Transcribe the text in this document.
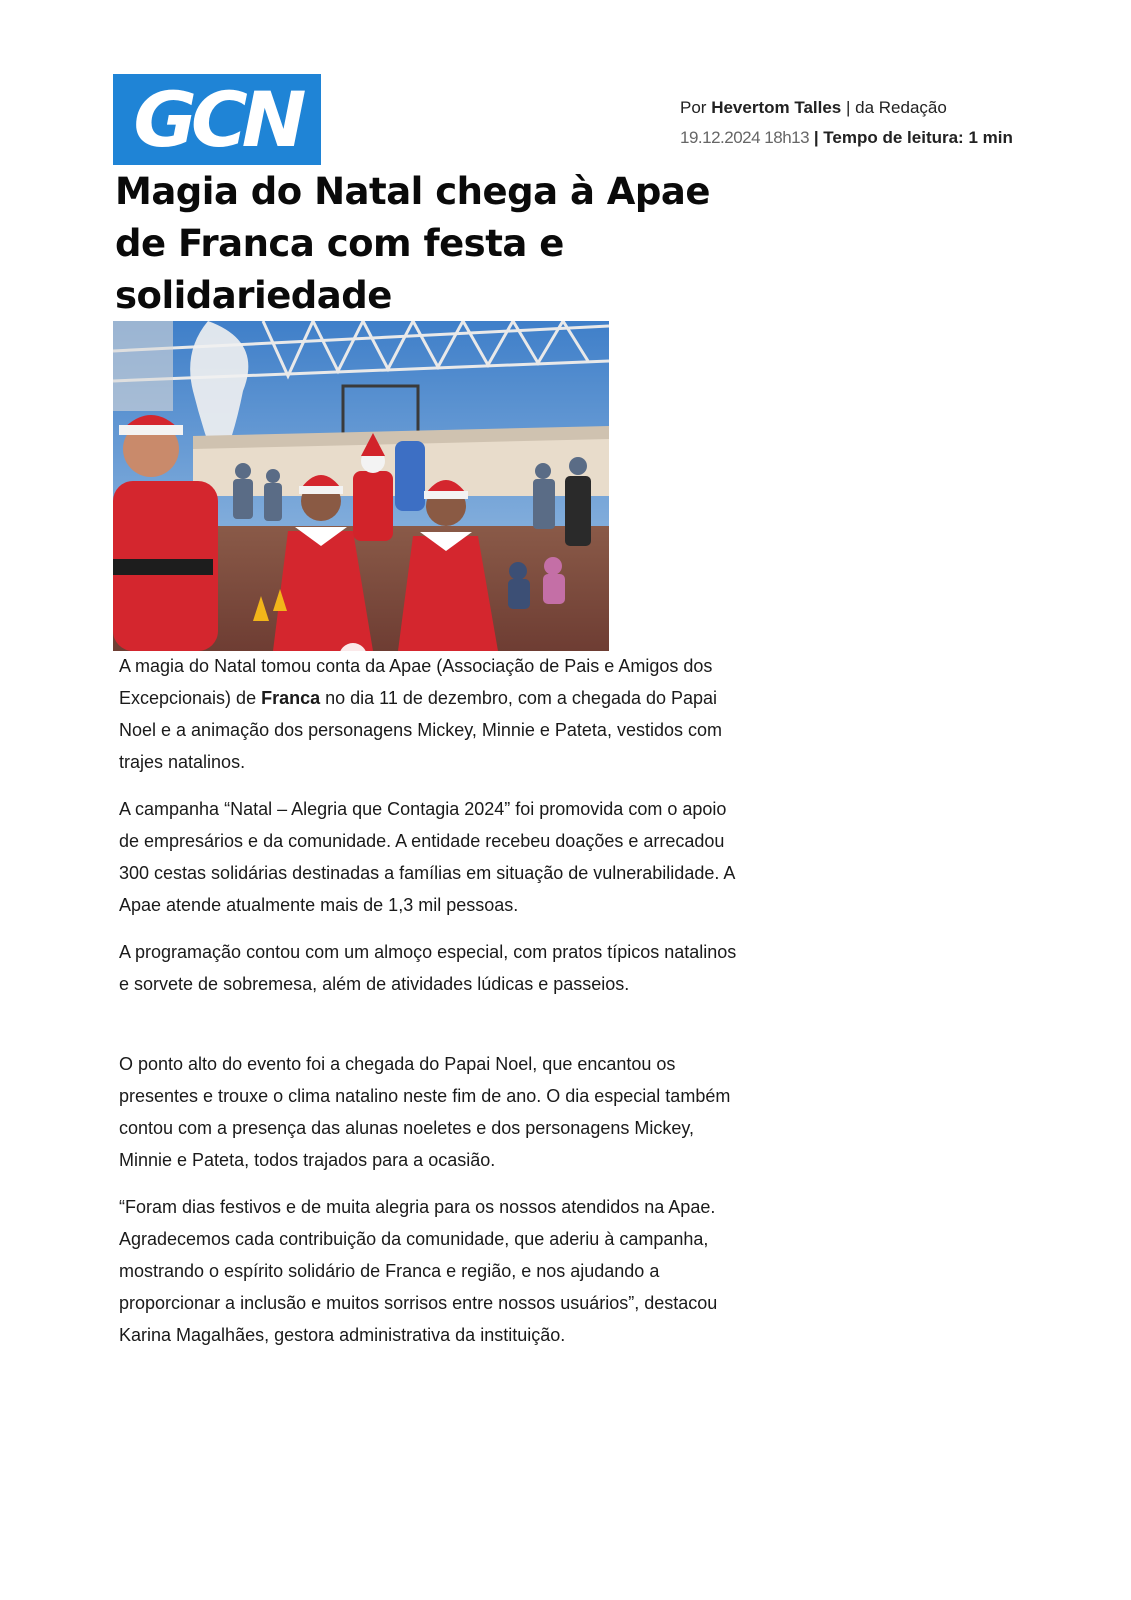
GCN	Por Hevertom Talles | da Redação
19.12.2024 18h13 | Tempo de leitura: 1 min
Magia do Natal chega à Apae de Franca com festa e solidariedade

A magia do Natal tomou conta da Apae (Associação de Pais e Amigos dos Excepcionais) de Franca no dia 11 de dezembro, com a chegada do Papai Noel e a animação dos personagens Mickey, Minnie e Pateta, vestidos com trajes natalinos.

A campanha “Natal – Alegria que Contagia 2024” foi promovida com o apoio de empresários e da comunidade. A entidade recebeu doações e arrecadou 300 cestas solidárias destinadas a famílias em situação de vulnerabilidade. A Apae atende atualmente mais de 1,3 mil pessoas.

A programação contou com um almoço especial, com pratos típicos natalinos e sorvete de sobremesa, além de atividades lúdicas e passeios.

O ponto alto do evento foi a chegada do Papai Noel, que encantou os presentes e trouxe o clima natalino neste fim de ano. O dia especial também contou com a presença das alunas noeletes e dos personagens Mickey, Minnie e Pateta, todos trajados para a ocasião.

“Foram dias festivos e de muita alegria para os nossos atendidos na Apae. Agradecemos cada contribuição da comunidade, que aderiu à campanha, mostrando o espírito solidário de Franca e região, e nos ajudando a proporcionar a inclusão e muitos sorrisos entre nossos usuários”, destacou Karina Magalhães, gestora administrativa da instituição.
